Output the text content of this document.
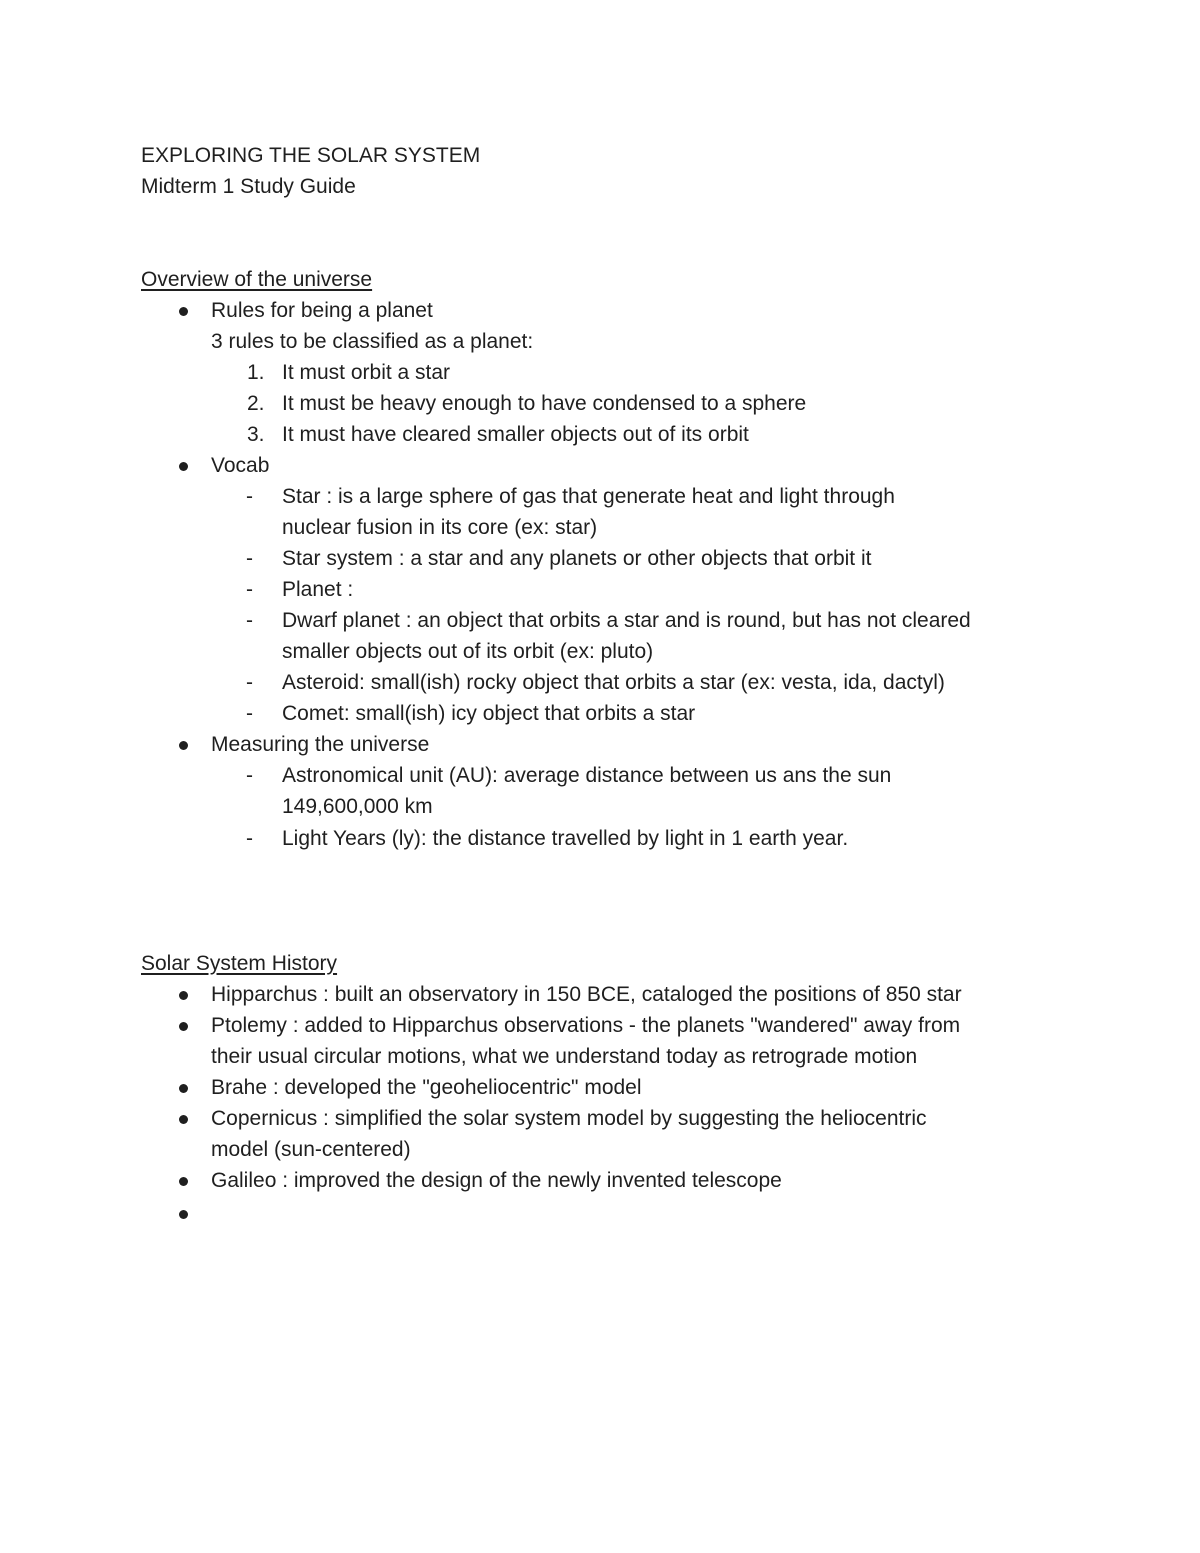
EXPLORING THE SOLAR SYSTEM
Midterm 1 Study Guide
Overview of the universe
Rules for being a planet
3 rules to be classified as a planet:
1. It must orbit a star
2. It must be heavy enough to have condensed to a sphere
3. It must have cleared smaller objects out of its orbit
Vocab
- Star : is a large sphere of gas that generate heat and light through
nuclear fusion in its core (ex: star)
- Star system : a star and any planets or other objects that orbit it
- Planet :
- Dwarf planet : an object that orbits a star and is round, but has not cleared
smaller objects out of its orbit (ex: pluto)
- Asteroid: small(ish) rocky object that orbits a star (ex: vesta, ida, dactyl)
- Comet: small(ish) icy object that orbits a star
Measuring the universe
- Astronomical unit (AU): average distance between us ans the sun
149,600,000 km
- Light Years (ly): the distance travelled by light in 1 earth year.
Solar System History
Hipparchus : built an observatory in 150 BCE, cataloged the positions of 850 star
Ptolemy : added to Hipparchus observations - the planets "wandered" away from
their usual circular motions, what we understand today as retrograde motion
Brahe : developed the "geoheliocentric" model
Copernicus : simplified the solar system model by suggesting the heliocentric
model (sun-centered)
Galileo : improved the design of the newly invented telescope
